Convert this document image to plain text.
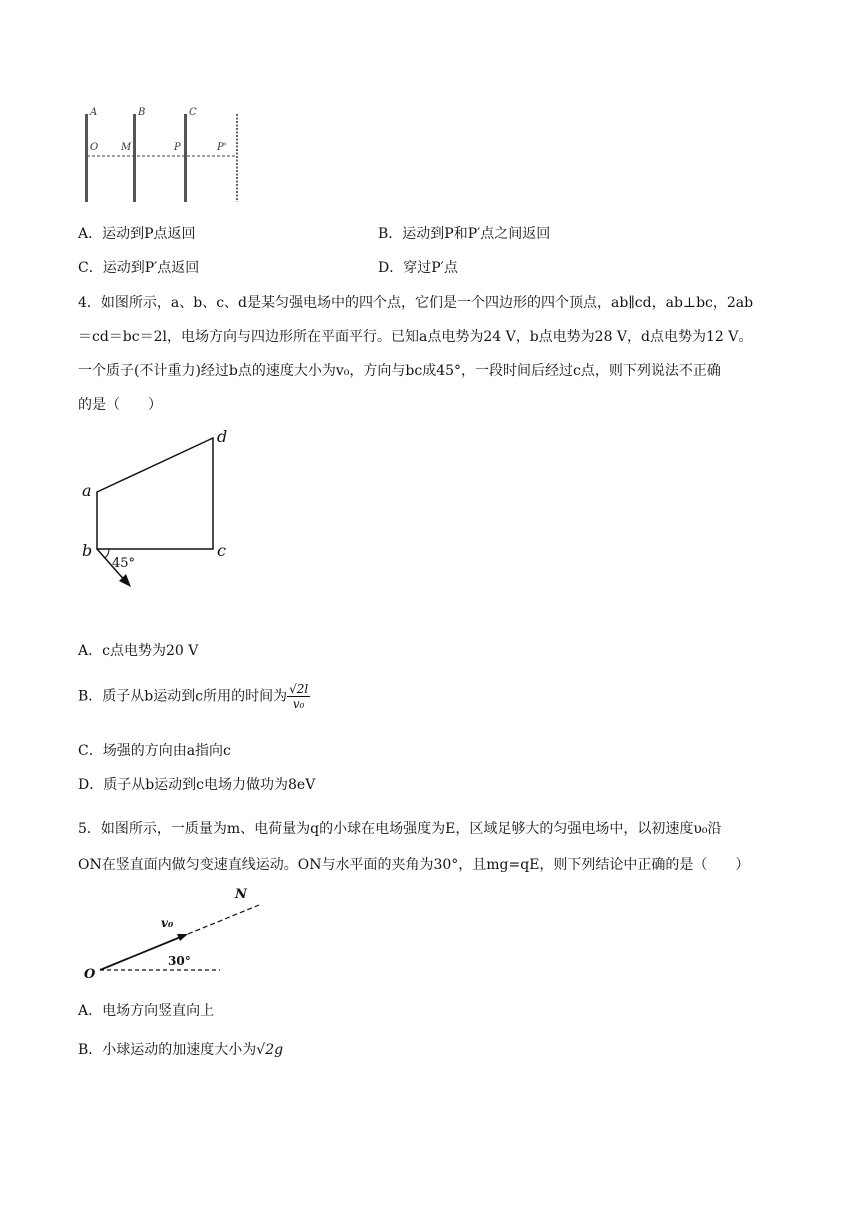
A	B	C
O M	P	P'
A．运动到P点返回	B．运动到P和P′点之间返回
C．运动到P′点返回	D．穿过P′点
4．如图所示，a、b、c、d是某匀强电场中的四个点，它们是一个四边形的四个顶点，ab∥cd，ab⊥bc，2ab
＝cd＝bc＝2l，电场方向与四边形所在平面平行。已知a点电势为24 V，b点电势为28 V，d点电势为12 V。
一个质子(不计重力)经过b点的速度大小为v₀，方向与bc成45°，一段时间后经过c点，则下列说法不正确
的是（　　）
a
b	c
d
45°
A．c点电势为20 V
B．质子从b运动到c所用的时间为 $\frac{√2l}{\text{v₀}}$
C．场强的方向由a指向c
D．质子从b运动到c电场力做功为8eV
5．如图所示，一质量为m、电荷量为q的小球在电场强度为E，区域足够大的匀强电场中，以初速度υ₀沿
ON在竖直面内做匀变速直线运动。ON与水平面的夹角为30°，且mg=qE，则下列结论中正确的是（　　）
N
v₀
30°
O
A．电场方向竖直向上
B．小球运动的加速度大小为√2g
